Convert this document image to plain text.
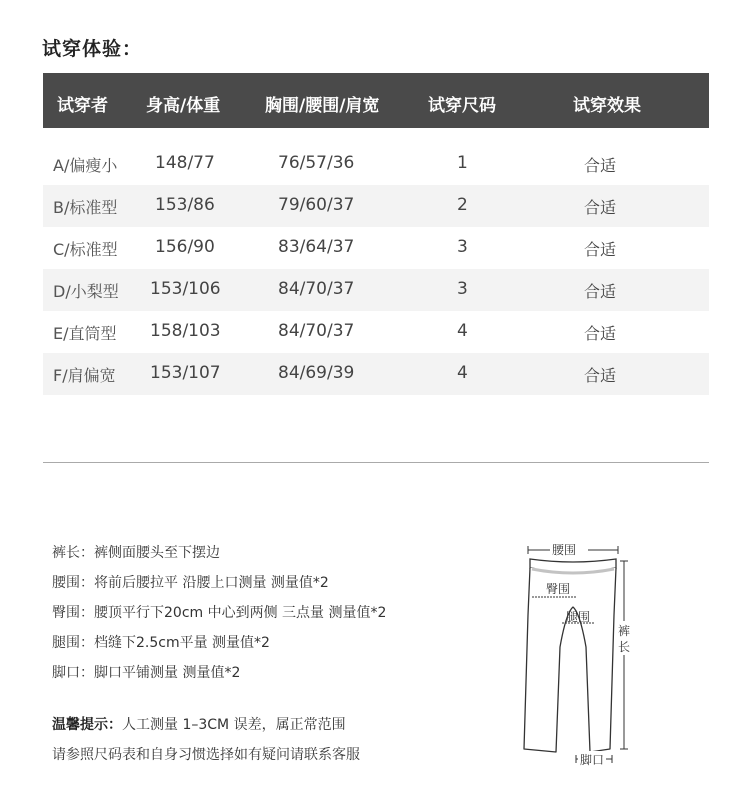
试穿体验：
试穿者 身高/体重	胸围/腰围/肩宽	试穿尺码	试穿效果
A/偏瘦小 148/77	76/57/36	1	合适
B/标准型 153/86	79/60/37	2	合适
C/标准型 156/90	83/64/37	3	合适
D/小梨型 153/106	84/70/37	3	合适
E/直筒型 158/103	84/70/37	4	合适
F/肩偏宽 153/107	84/69/39	4	合适
裤长：裤侧面腰头至下摆边
腰围：将前后腰拉平 沿腰上口测量 测量值*2
臀围：腰顶平行下20cm 中心到两侧 三点量 测量值*2
腿围：档缝下2.5cm平量 测量值*2
脚口：脚口平铺测量 测量值*2
温馨提示：人工测量 1–3CM 误差，属正常范围
请参照尺码表和自身习惯选择如有疑问请联系客服
腰围
臀围
腿围
裤
长
脚口
